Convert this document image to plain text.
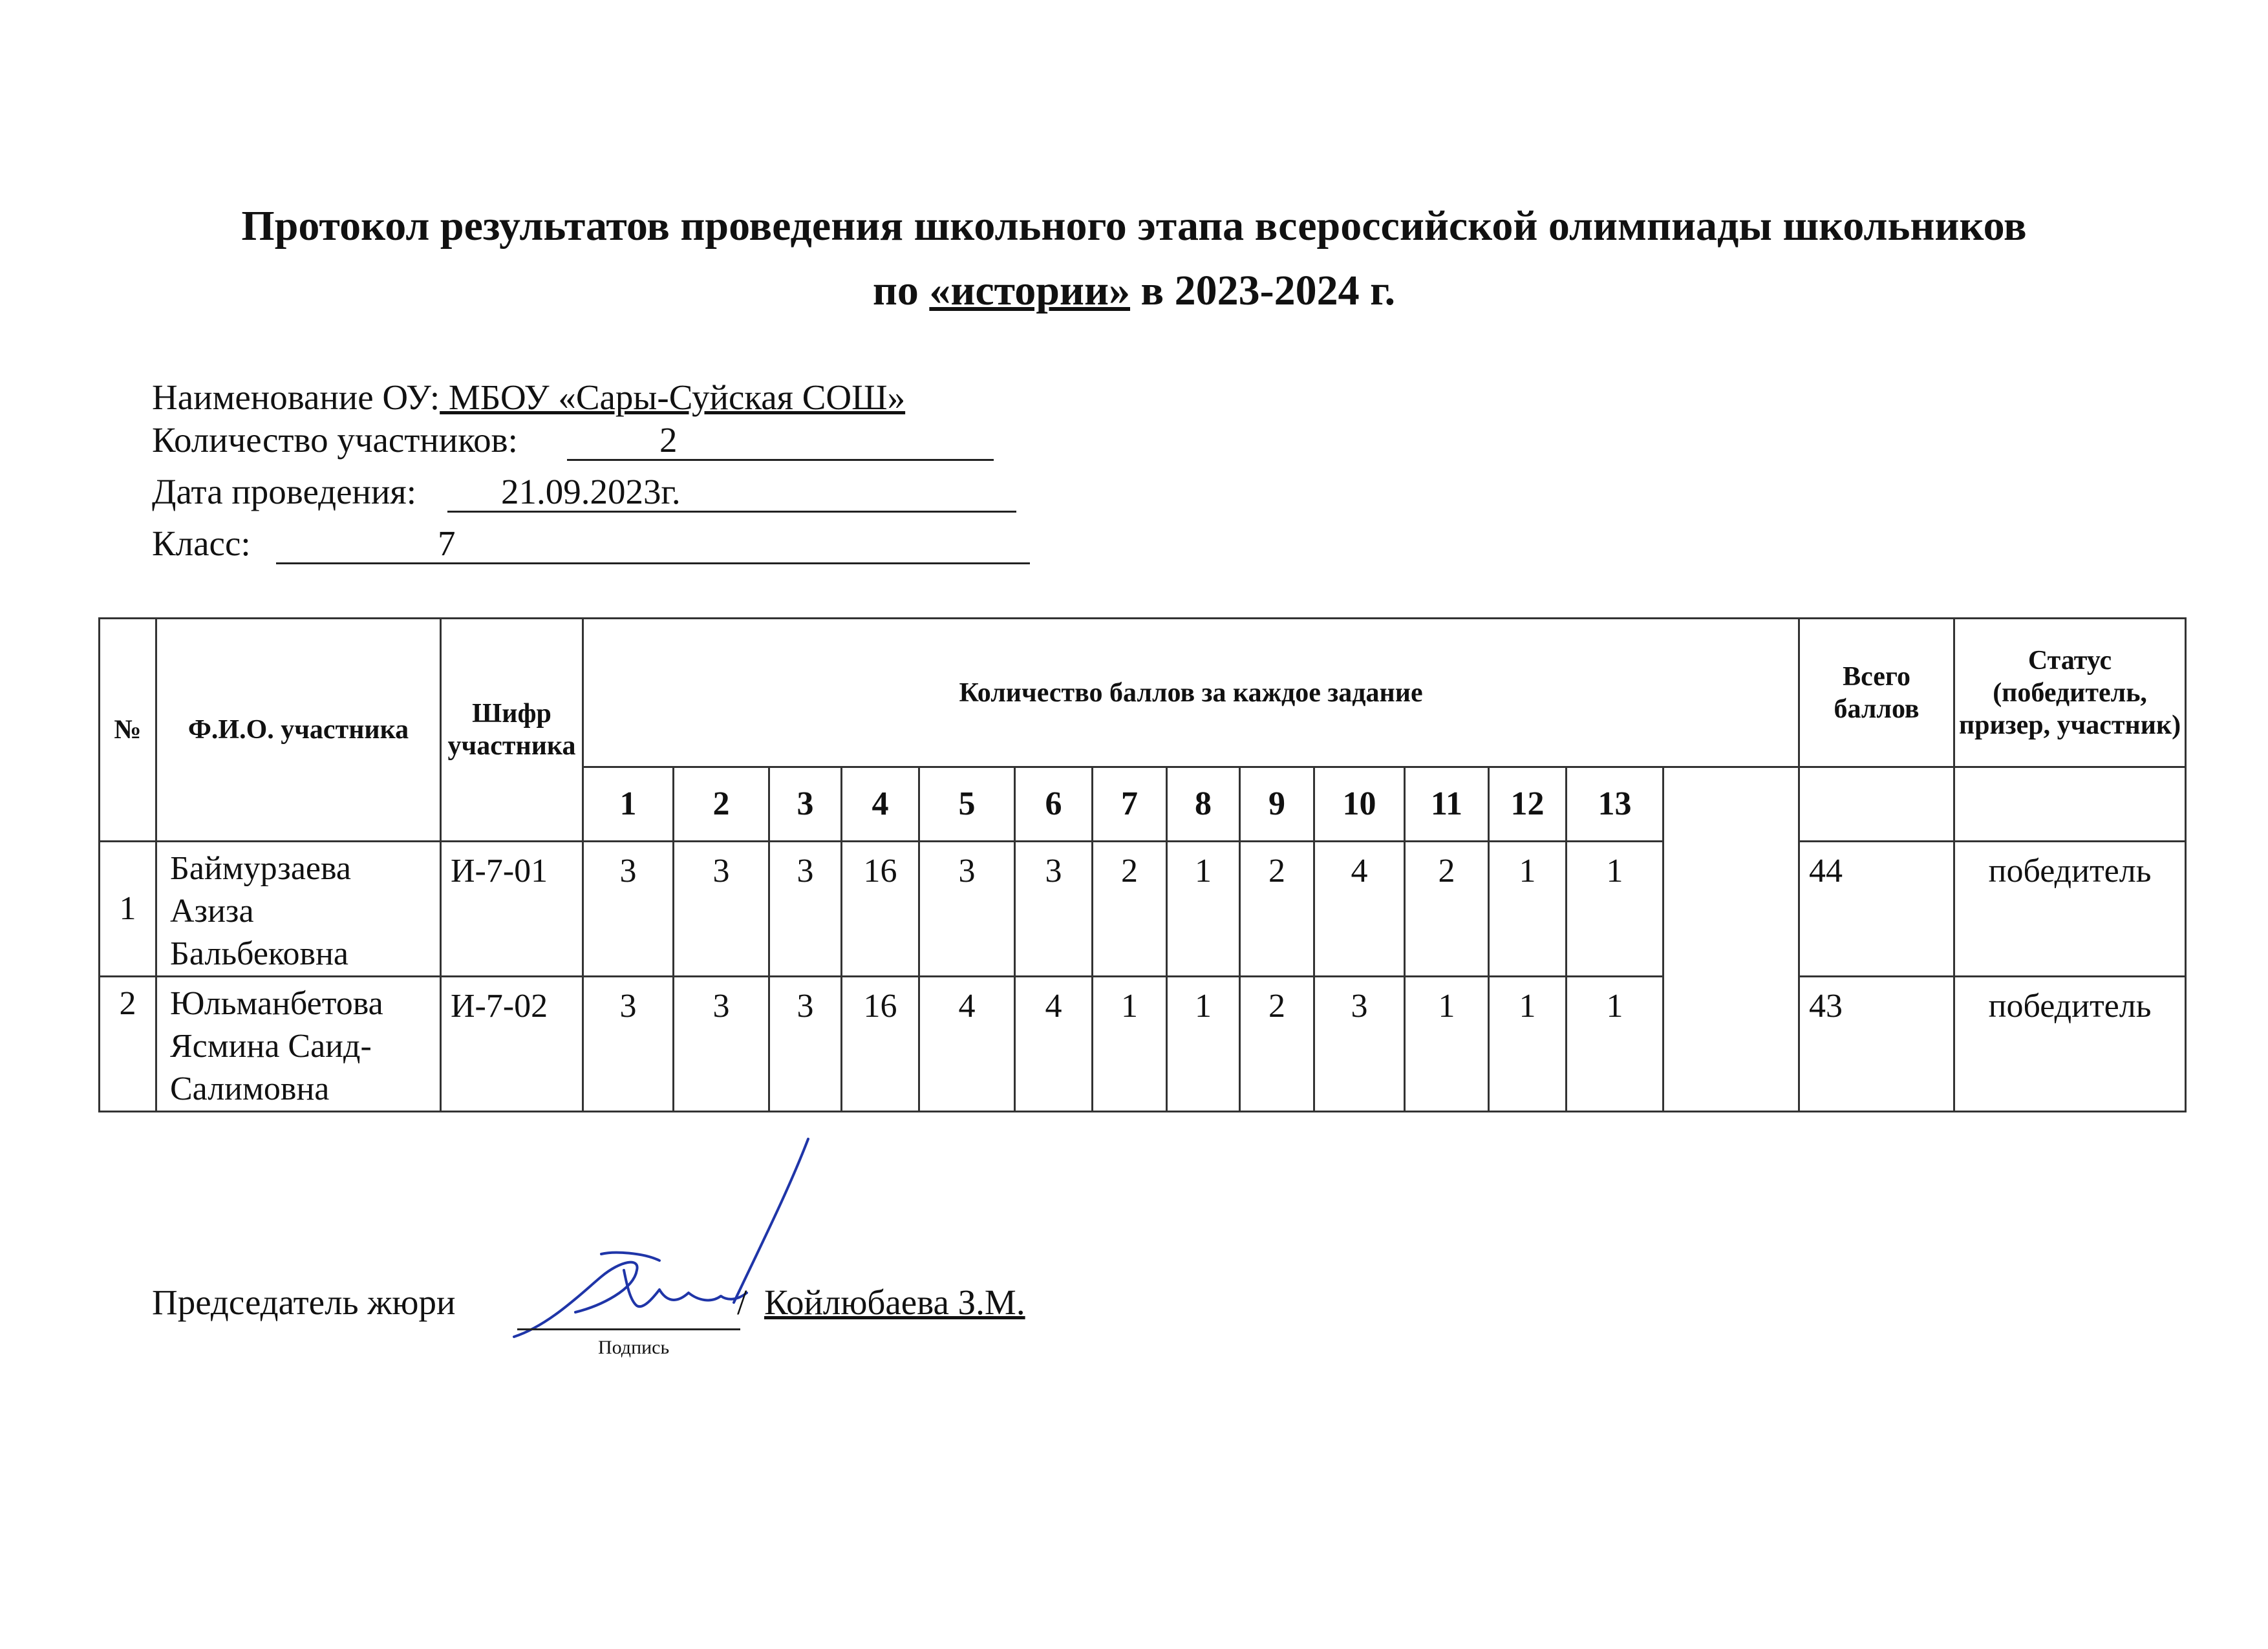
Протокол результатов проведения школьного этапа всероссийской олимпиады школьников
по «истории» в 2023-2024 г.
Наименование ОУ: МБОУ «Сары-Суйская СОШ»
Количество участников:	2
Дата проведения: 21.09.2023г.
Класс:	7
№	Ф.И.О. участника	Шифр участника	Количество баллов за каждое задание														Всего баллов	Статус (победитель, призер, участник)
			1	2	3	4	5	6	7	8	9	10	11	12	13			
1	Баймурзаева Азиза Бальбековна	И-7-01	3	3	3	16	3	3	2	1	2	4	2	1	1		44	победитель
2	Юльманбетова Ясмина Саид-Салимовна	И-7-02	3	3	3	16	4	4	1	1	2	3	1	1	1		43	победитель
Председатель жюри	/ Койлюбаева З.М.
Подпись
